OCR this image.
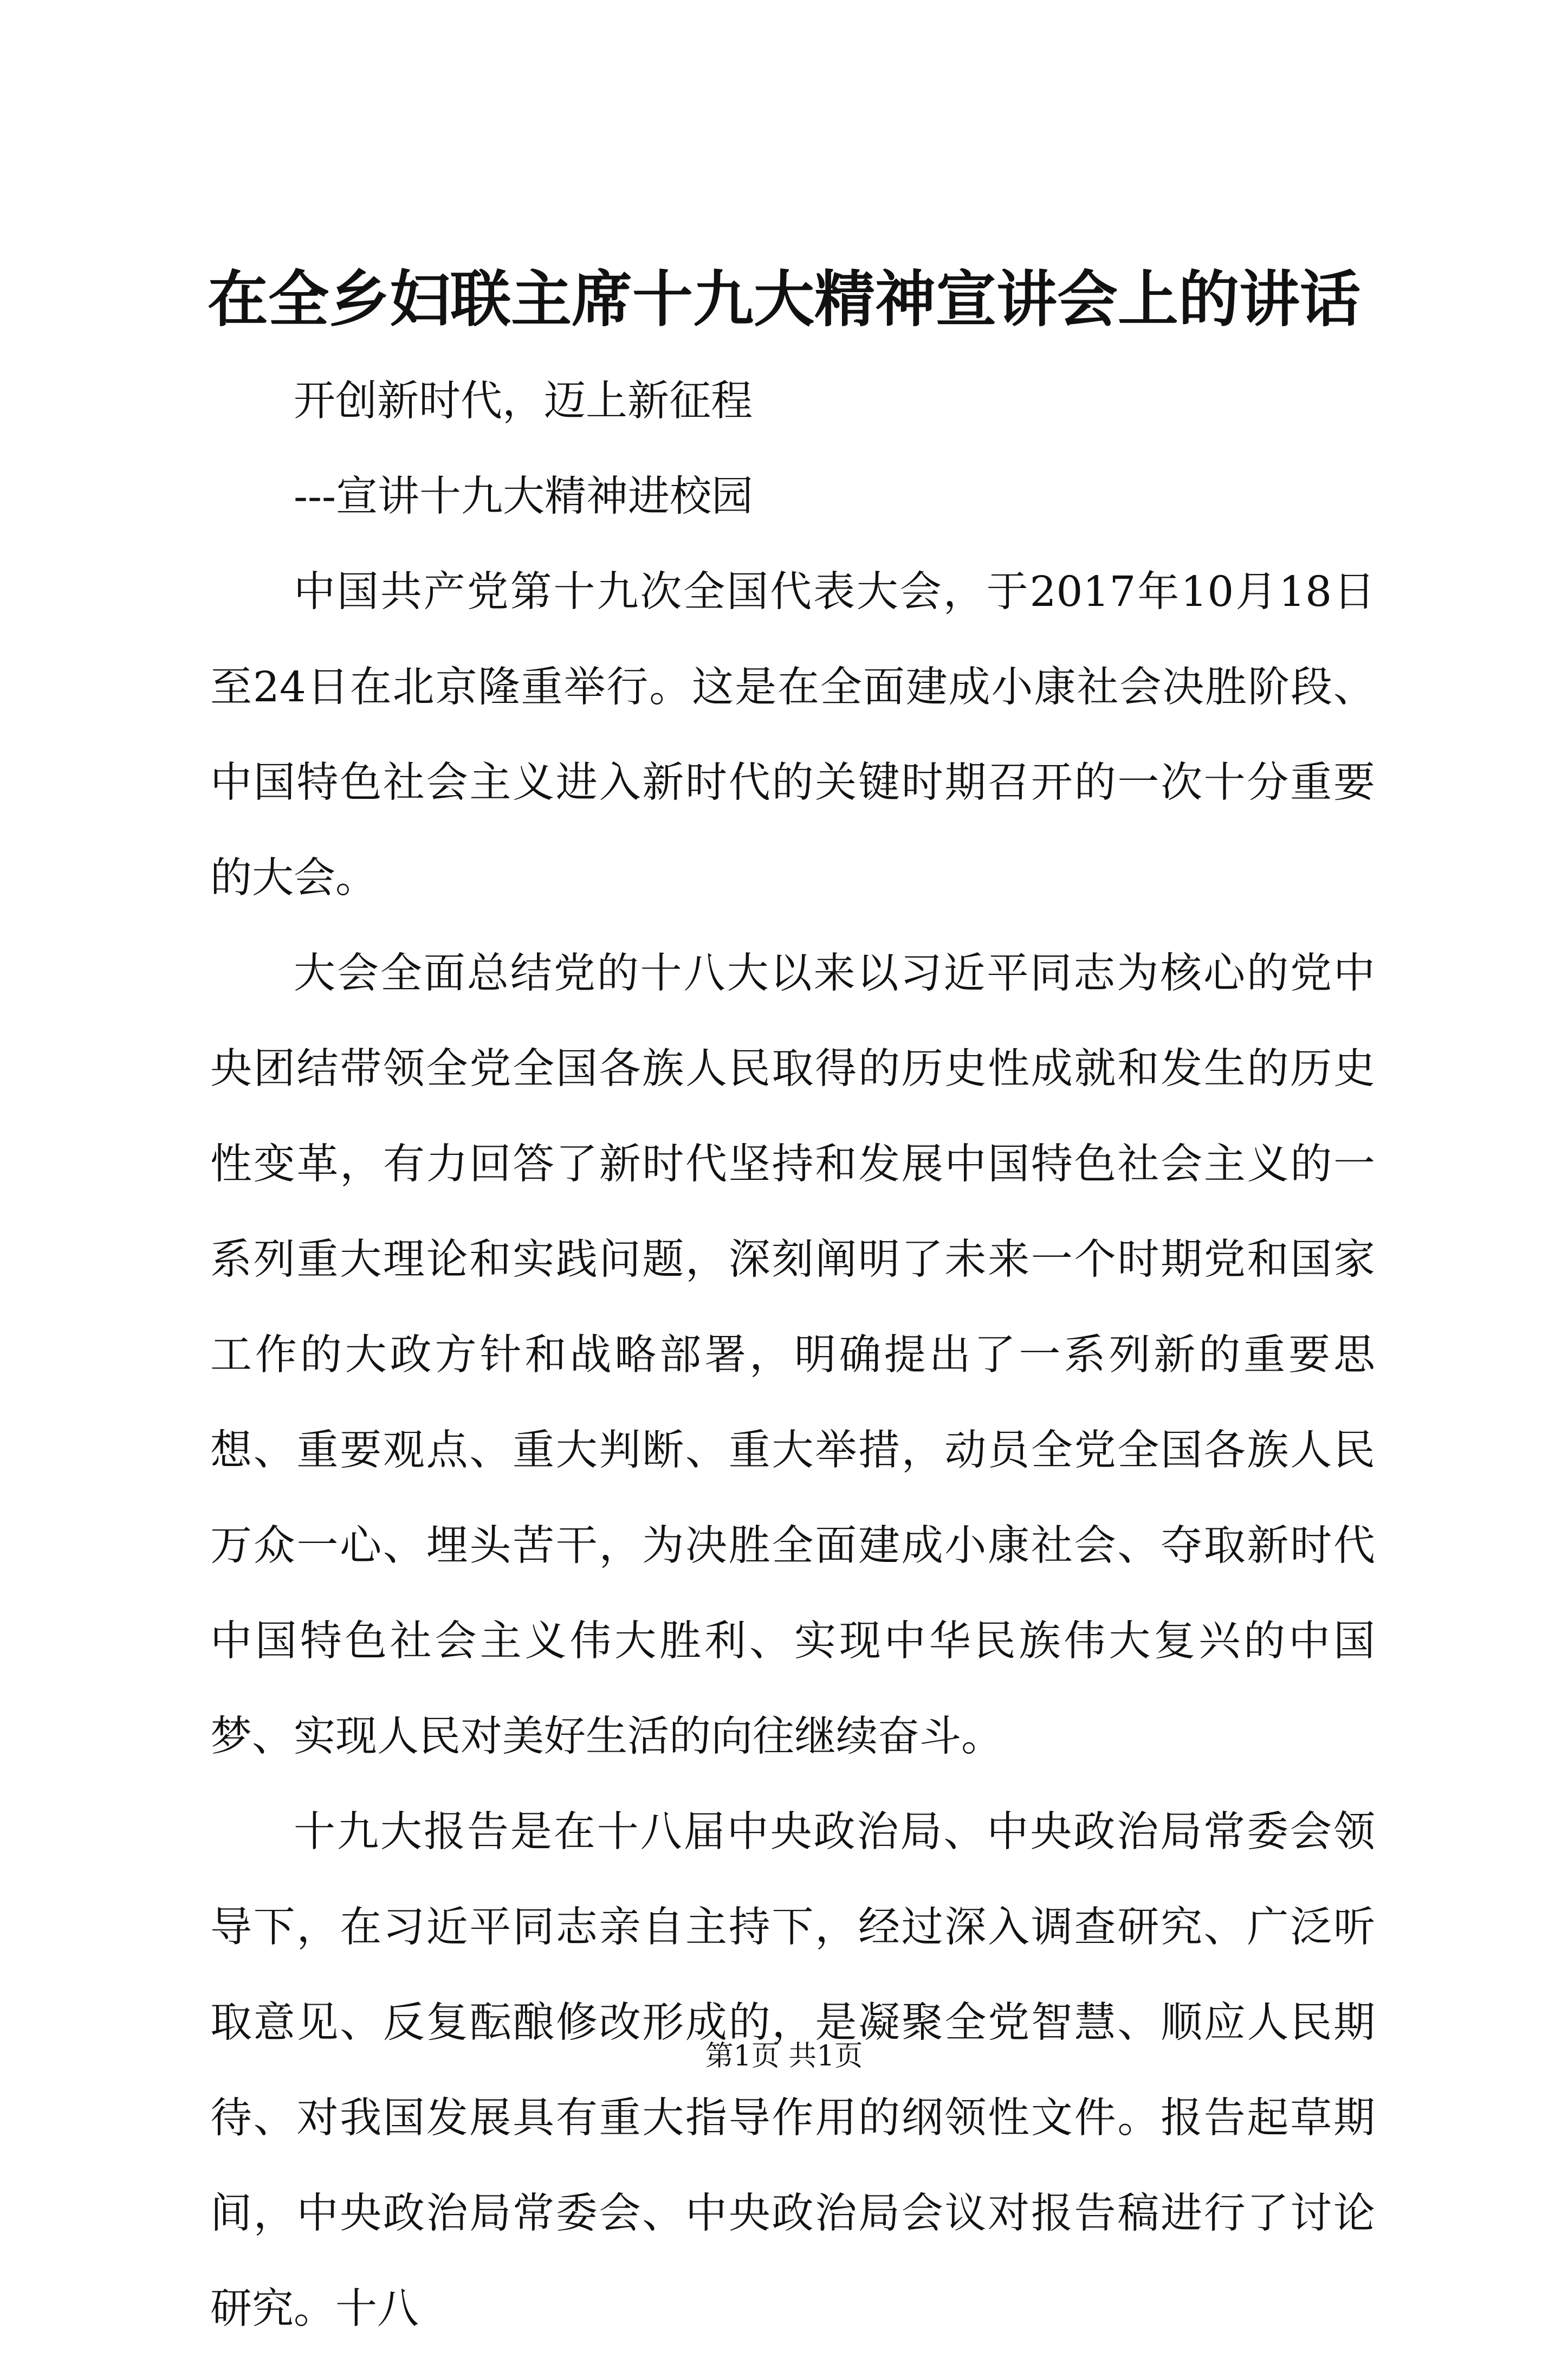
在全乡妇联主席十九大精神宣讲会上的讲话

开创新时代，迈上新征程

---宣讲十九大精神进校园

中国共产党第十九次全国代表大会，于2017年10月18日至24日在北京隆重举行。这是在全面建成小康社会决胜阶段、中国特色社会主义进入新时代的关键时期召开的一次十分重要的大会。

大会全面总结党的十八大以来以习近平同志为核心的党中央团结带领全党全国各族人民取得的历史性成就和发生的历史性变革，有力回答了新时代坚持和发展中国特色社会主义的一系列重大理论和实践问题，深刻阐明了未来一个时期党和国家工作的大政方针和战略部署，明确提出了一系列新的重要思想、重要观点、重大判断、重大举措，动员全党全国各族人民万众一心、埋头苦干，为决胜全面建成小康社会、夺取新时代中国特色社会主义伟大胜利、实现中华民族伟大复兴的中国梦、实现人民对美好生活的向往继续奋斗。

十九大报告是在十八届中央政治局、中央政治局常委会领导下，在习近平同志亲自主持下，经过深入调查研究、广泛听取意见、反复酝酿修改形成的，是凝聚全党智慧、顺应人民期待、对我国发展具有重大指导作用的纲领性文件。报告起草期间，中央政治局常委会、中央政治局会议对报告稿进行了讨论研究。十八

第1页 共1页
